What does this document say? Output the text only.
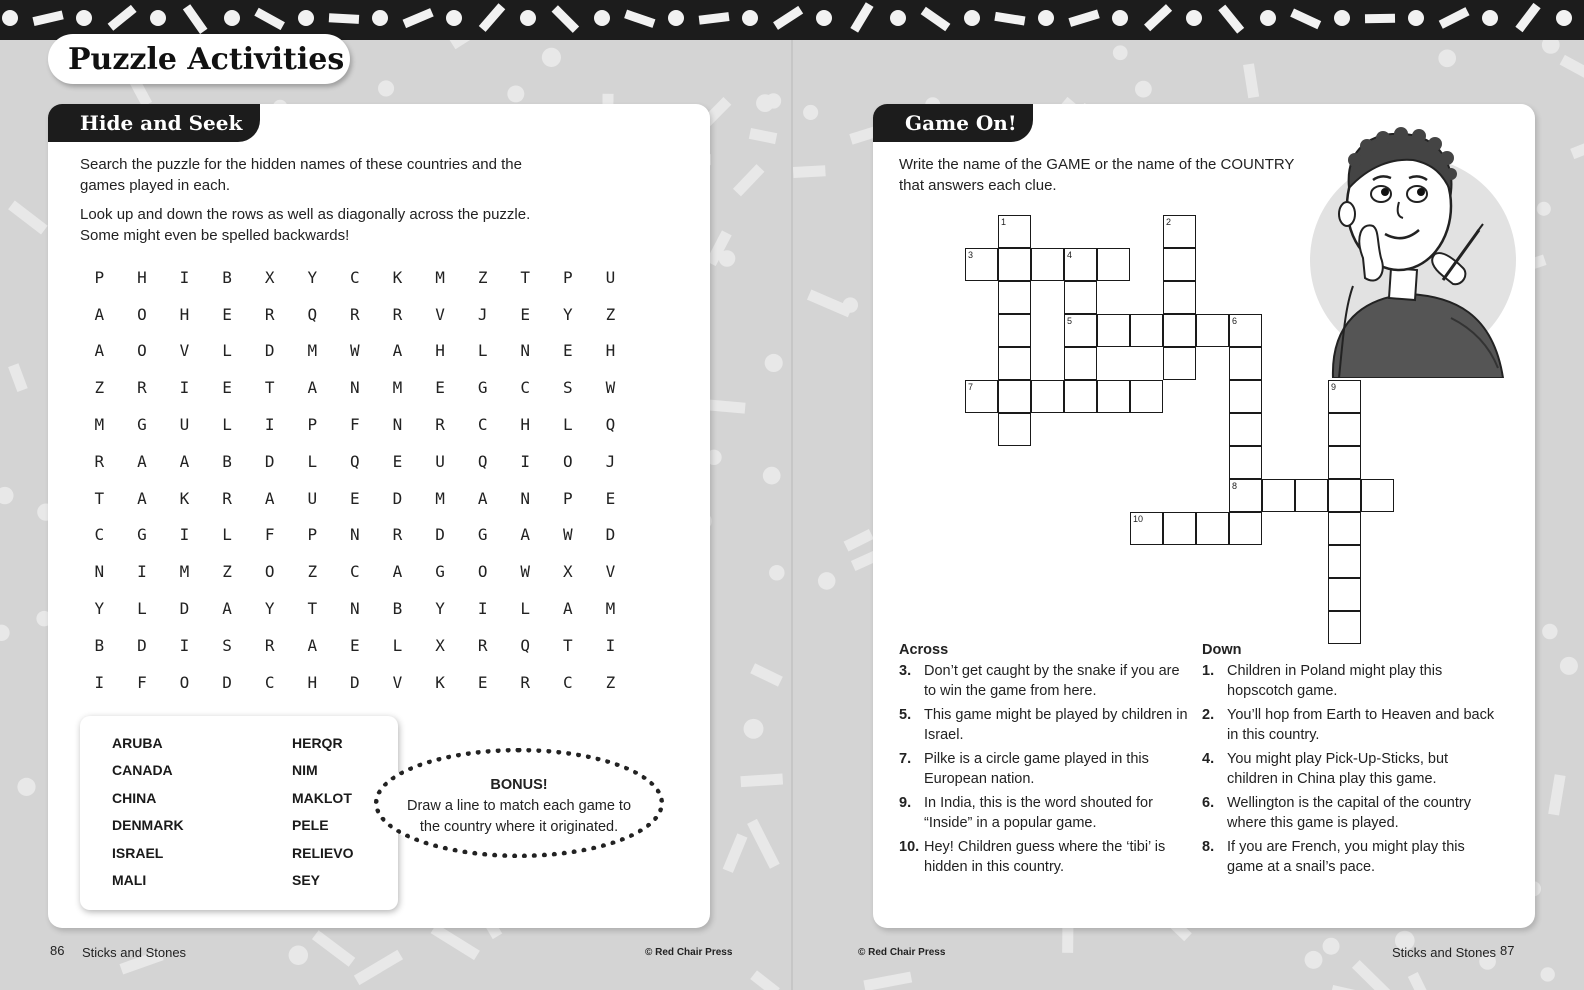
Puzzle Activities
Hide and Seek

Search the puzzle for the hidden names of these countries and the games played in each.

Look up and down the rows as well as diagonally across the puzzle. Some might even be spelled backwards!

P	H	I	B	X	Y	C	K	M	Z	T	P	U
A	O	H	E	R	Q	R	R	V	J	E	Y	Z
A	O	V	L	D	M	W	A	H	L	N	E	H
Z	R	I	E	T	A	N	M	E	G	C	S	W
M	G	U	L	I	P	F	N	R	C	H	L	Q
R	A	A	B	D	L	Q	E	U	Q	I	O	J
T	A	K	R	A	U	E	D	M	A	N	P	E
C	G	I	L	F	P	N	R	D	G	A	W	D
N	I	M	Z	O	Z	C	A	G	O	W	X	V
Y	L	D	A	Y	T	N	B	Y	I	L	A	M
B	D	I	S	R	A	E	L	X	R	Q	T	I
I	F	O	D	C	H	D	V	K	E	R	C	Z
ARUBA
CANADA
CHINA
DENMARK
ISRAEL
MALI
HERQR
NIM
MAKLOT
PELE
RELIEVO
SEY
BONUS!
Draw a line to match each game to
the country where it originated.
Game On!
Write the name of the GAME or the name of the COUNTRY
that answers each clue.
1	2
3	4
5	6
7	9
8
10
Across
3. Don’t get caught by the snake if you are to win the game from here.
5. This game might be played by children in Israel.
7. Pilke is a circle game played in this European nation.
9. In India, this is the word shouted for “Inside” in a popular game.
10. Hey! Children guess where the ‘tibi’ is hidden in this country.
Down
1. Children in Poland might play this hopscotch game.
2. You’ll hop from Earth to Heaven and back in this country.
4. You might play Pick-Up-Sticks, but children in China play this game.
6. Wellington is the capital of the country where this game is played.
8. If you are French, you might play this game at a snail’s pace.
86 Sticks and Stones	© Red Chair Press	© Red Chair Press	Sticks and Stones 87
